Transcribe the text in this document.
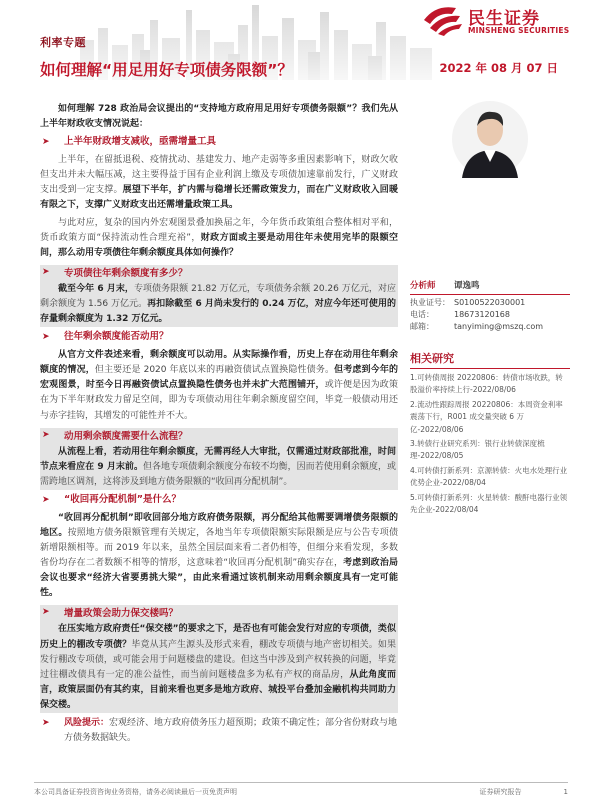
民生证券
MINSHENG SECURITIES
利率专题
如何理解“用足用好专项债务限额”？	2022 年 08 月 07 日

如何理解 728 政治局会议提出的“支持地方政府用足用好专项债务限额”？我们先从上半年财政收支情况说起：

➤ 上半年财政增支减收，亟需增量工具

上半年，在留抵退税、疫情扰动、基建发力、地产走弱等多重因素影响下，财政欠收但支出并未大幅压减，这主要得益于国有企业利润上缴及专项债加速靠前发行，广义财政支出受到一定支撑。展望下半年，扩内需与稳增长还需政策发力，而在广义财政收入回暖有限之下，支撑广义财政支出还需增量政策工具。

与此对应，复杂的国内外宏观图景叠加换届之年，今年货币政策组合整体相对平和，货币政策方面“保持流动性合理充裕”，财政方面或主要是动用往年未使用完毕的限额空间，那么动用专项债往年剩余额度具体如何操作？

➤ 专项债往年剩余额度有多少？

截至今年 6 月末，专项债务限额 21.82 万亿元，专项债务余额 20.26 万亿元，对应剩余额度为 1.56 万亿元。再扣除截至 6 月尚未发行的 0.24 万亿，对应今年还可使用的存量剩余额度为 1.32 万亿元。

➤ 往年剩余额度能否动用？

从官方文件表述来看，剩余额度可以动用。从实际操作看，历史上存在动用往年剩余额度的情况，但主要还是 2020 年底以来的再融资债试点置换隐性债务。但考虑到今年的宏观图景，时至今日再融资债试点置换隐性债务也并未扩大范围铺开，或许便是因为政策在为下半年财政发力留足空间，即为专项债动用往年剩余额度留空间，毕竟一般债动用还与赤字挂钩，其增发的可能性并不大。

➤ 动用剩余额度需要什么流程？

从流程上看，若动用往年剩余额度，无需再经人大审批，仅需通过财政部批准，时间节点来看应在 9 月末前。但各地专项债剩余额度分布较不均衡，因而若使用剩余额度，或需跨地区调剂，这将涉及到地方债务限额的“收回再分配机制”。

➤ “收回再分配机制”是什么？

“收回再分配机制”即收回部分地方政府债务限额，再分配给其他需要调增债务限额的地区。按照地方债务限额管理有关规定，各地当年专项债限额实际限额是应与公告专项债新增限额相等。而 2019 年以来，虽然全国层面来看二者仍相等，但细分来看发现，多数省份均存在二者数额不相等的情形，这意味着“收回再分配机制”确实存在，考虑到政治局会议也要求“经济大省要勇挑大梁”，由此来看通过该机制来动用剩余额度具有一定可能性。

➤ 增量政策会助力保交楼吗？

在压实地方政府责任“保交楼”的要求之下，是否也有可能会发行对应的专项债，类似历史上的棚改专项债？毕竟从其产生源头及形式来看，棚改专项债与地产密切相关。如果发行棚改专项债，或可能会用于问题楼盘的建设。但这当中涉及到产权转换的问题，毕竟过往棚改债具有一定的准公益性，而当前问题楼盘多为私有产权的商品房，从此角度而言，政策层面仍有其约束，目前来看也更多是地方政府、城投平台叠加金融机构共同助力保交楼。

➤ 风险提示：宏观经济、地方政府债务压力超预期；政策不确定性；部分省份财政与地方债务数据缺失。
分析师	谭逸鸣
执业证号： S0100522030001
电话：	18673120168
邮箱：	tanyiming@mszq.com
相关研究
1.可转债周报 20220806：转债市场收跌，转股溢价率持续上行-2022/08/06
2.流动性跟踪周报 20220806：本周资金利率震荡下行，R001 成交量突破 6 万亿-2022/08/06
3.转债行业研究系列：银行业转债深度梳理-2022/08/05
4.可转债打新系列：京源转债：火电水处理行业优势企业-2022/08/04
5.可转债打新系列：火星转债：酸酐电器行业领先企业-2022/08/04
本公司具备证券投资咨询业务资格，请务必阅读最后一页免责声明	证券研究报告	1
